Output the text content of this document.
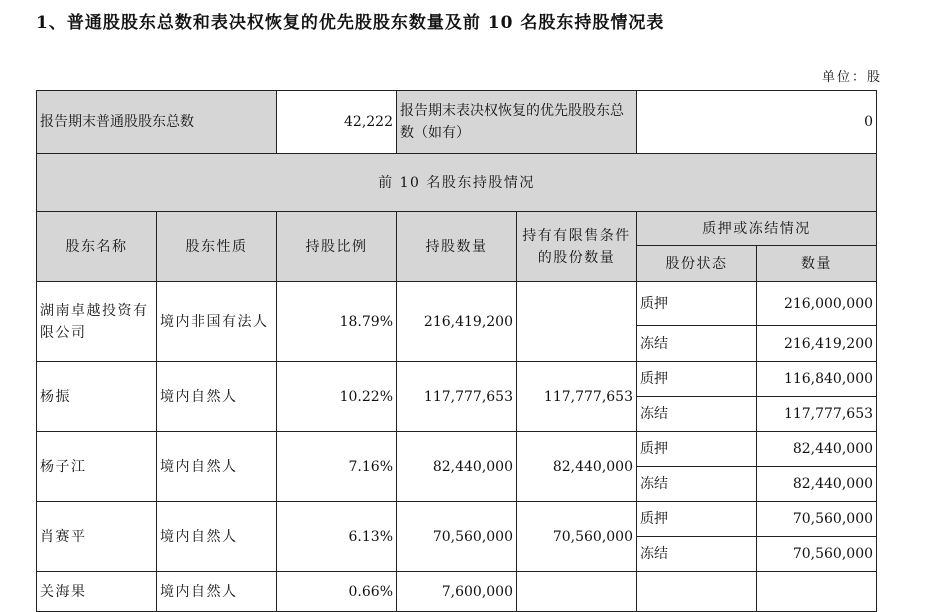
1、普通股股东总数和表决权恢复的优先股股东数量及前 10 名股东持股情况表
单位：股
报告期末普通股股东总数		42,222	报告期末表决权恢复的优先股股东总数（如有）		0	
前 10 名股东持股情况						
股东名称	股东性质	持股比例	持股数量	持有有限售条件的股份数量	质押或冻结情况	
					股份状态	数量
湖南卓越投资有限公司	境内非国有法人	18.79%	216,419,200		质押	216,000,000
					冻结	216,419,200
杨振	境内自然人	10.22%	117,777,653	117,777,653	质押	116,840,000
					冻结	117,777,653
杨子江	境内自然人	7.16%	82,440,000	82,440,000	质押	82,440,000
					冻结	82,440,000
肖赛平	境内自然人	6.13%	70,560,000	70,560,000	质押	70,560,000
					冻结	70,560,000
关海果	境内自然人	0.66%	7,600,000			
